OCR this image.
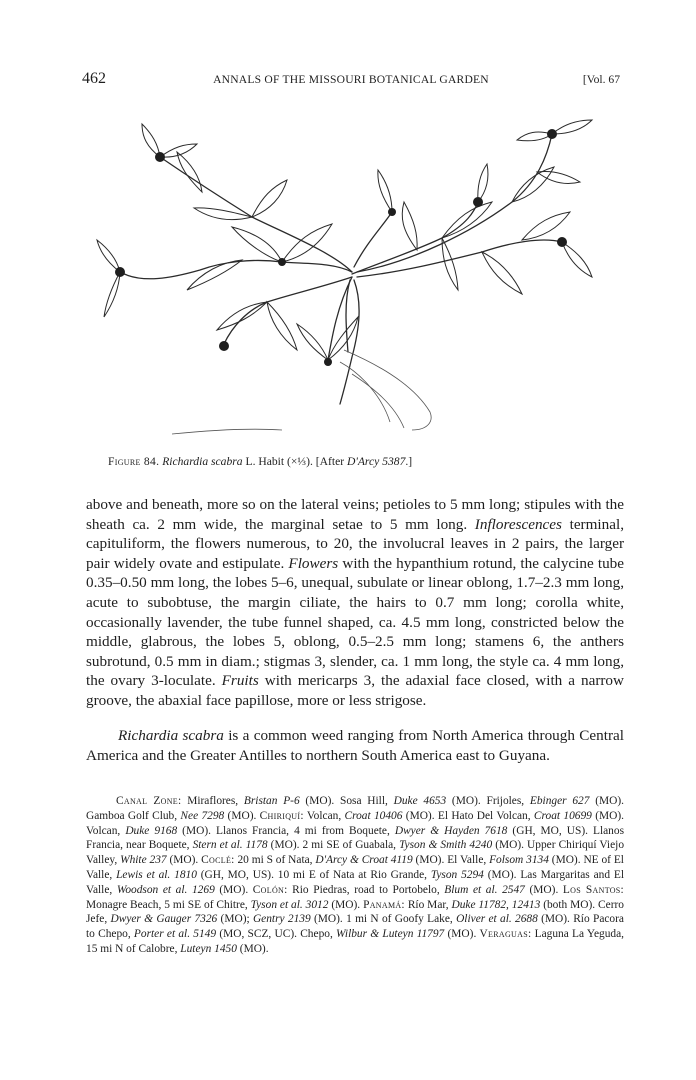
462	ANNALS OF THE MISSOURI BOTANICAL GARDEN	[Vol. 67
Figure 84. Richardia scabra L. Habit (×⅓). [After D'Arcy 5387.]
above and beneath, more so on the lateral veins; petioles to 5 mm long; stipules with the sheath ca. 2 mm wide, the marginal setae to 5 mm long. Inflorescences terminal, capituliform, the flowers numerous, to 20, the involucral leaves in 2 pairs, the larger pair widely ovate and estipulate. Flowers with the hypanthium rotund, the calycine tube 0.35–0.50 mm long, the lobes 5–6, unequal, subulate or linear oblong, 1.7–2.3 mm long, acute to subobtuse, the margin ciliate, the hairs to 0.7 mm long; corolla white, occasionally lavender, the tube funnel shaped, ca. 4.5 mm long, constricted below the middle, glabrous, the lobes 5, oblong, 0.5–2.5 mm long; stamens 6, the anthers subrotund, 0.5 mm in diam.; stigmas 3, slender, ca. 1 mm long, the style ca. 4 mm long, the ovary 3-loculate. Fruits with mericarps 3, the adaxial face closed, with a narrow groove, the abaxial face papillose, more or less strigose.
Richardia scabra is a common weed ranging from North America through Central America and the Greater Antilles to northern South America east to Guyana.
Canal Zone: Miraflores, Bristan P-6 (MO). Sosa Hill, Duke 4653 (MO). Frijoles, Ebinger 627 (MO). Gamboa Golf Club, Nee 7298 (MO). Chiriquí: Volcan, Croat 10406 (MO). El Hato Del Volcan, Croat 10699 (MO). Volcan, Duke 9168 (MO). Llanos Francia, 4 mi from Boquete, Dwyer & Hayden 7618 (GH, MO, US). Llanos Francia, near Boquete, Stern et al. 1178 (MO). 2 mi SE of Guabala, Tyson & Smith 4240 (MO). Upper Chiriquí Viejo Valley, White 237 (MO). Coclé: 20 mi S of Nata, D'Arcy & Croat 4119 (MO). El Valle, Folsom 3134 (MO). NE of El Valle, Lewis et al. 1810 (GH, MO, US). 10 mi E of Nata at Rio Grande, Tyson 5294 (MO). Las Margaritas and El Valle, Woodson et al. 1269 (MO). Colón: Rio Piedras, road to Portobelo, Blum et al. 2547 (MO). Los Santos: Monagre Beach, 5 mi SE of Chitre, Tyson et al. 3012 (MO). Panamá: Río Mar, Duke 11782, 12413 (both MO). Cerro Jefe, Dwyer & Gauger 7326 (MO); Gentry 2139 (MO). 1 mi N of Goofy Lake, Oliver et al. 2688 (MO). Río Pacora to Chepo, Porter et al. 5149 (MO, SCZ, UC). Chepo, Wilbur & Luteyn 11797 (MO). Veraguas: Laguna La Yeguda, 15 mi N of Calobre, Luteyn 1450 (MO).
